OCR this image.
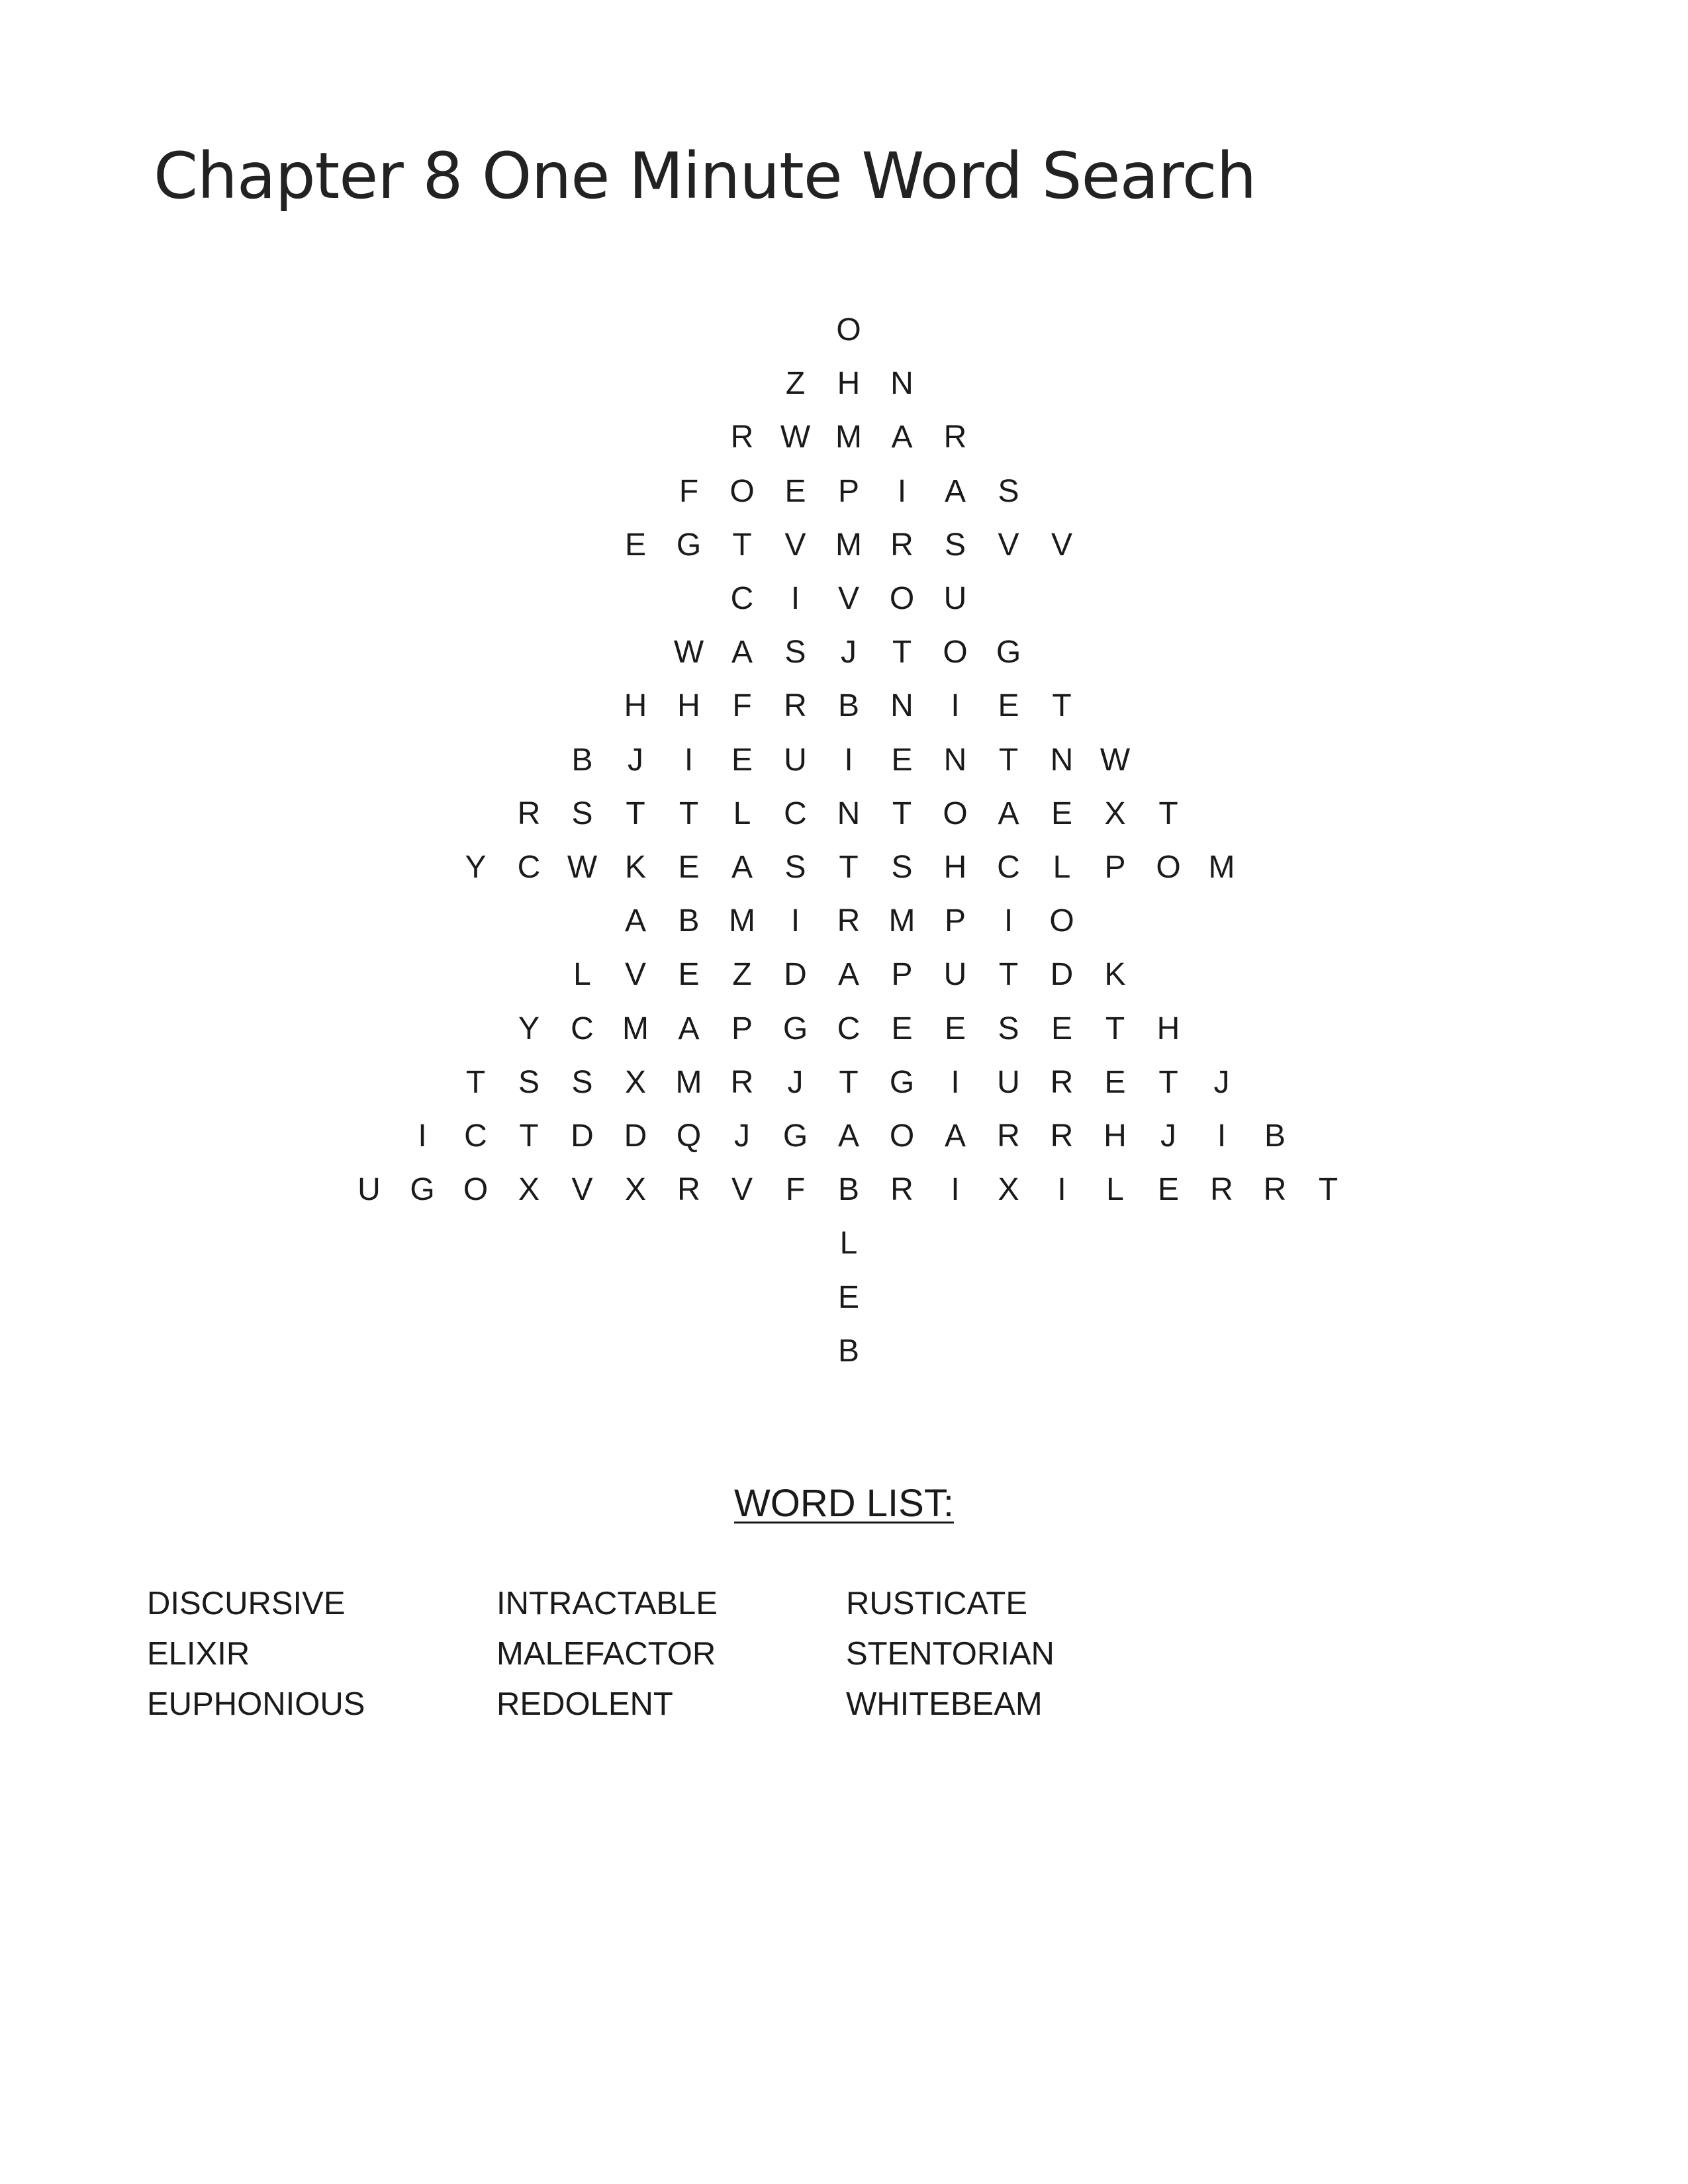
Chapter 8 One Minute Word Search
O
Z	H N
R W M A R
F O E	P	I	A	S
E G T	V M R S	V	V
C	I	V O U
W A	S	J	T O G
H H	F	R B N	I	E	T
B	J	I	E U	I	E N	T	N W
R S	T	T	L	C N	T O A	E	X	T
Y C W K	E	A	S	T	S H C	L	P O M
A	B M	I	R M P	I	O
L	V	E	Z	D A	P U	T	D K
Y C M A	P G C E	E	S	E	T	H
T	S	S	X M R	J	T G	I	U R E	T	J
I	C	T	D D Q	J	G A O A R R H	J	I	B
U G O X	V	X R V	F	B R	I	X	I	L	E R R	T
L
E
B
WORD LIST:
DISCURSIVE
ELIXIR
EUPHONIOUS
INTRACTABLE
MALEFACTOR
REDOLENT
RUSTICATE
STENTORIAN
WHITEBEAM
